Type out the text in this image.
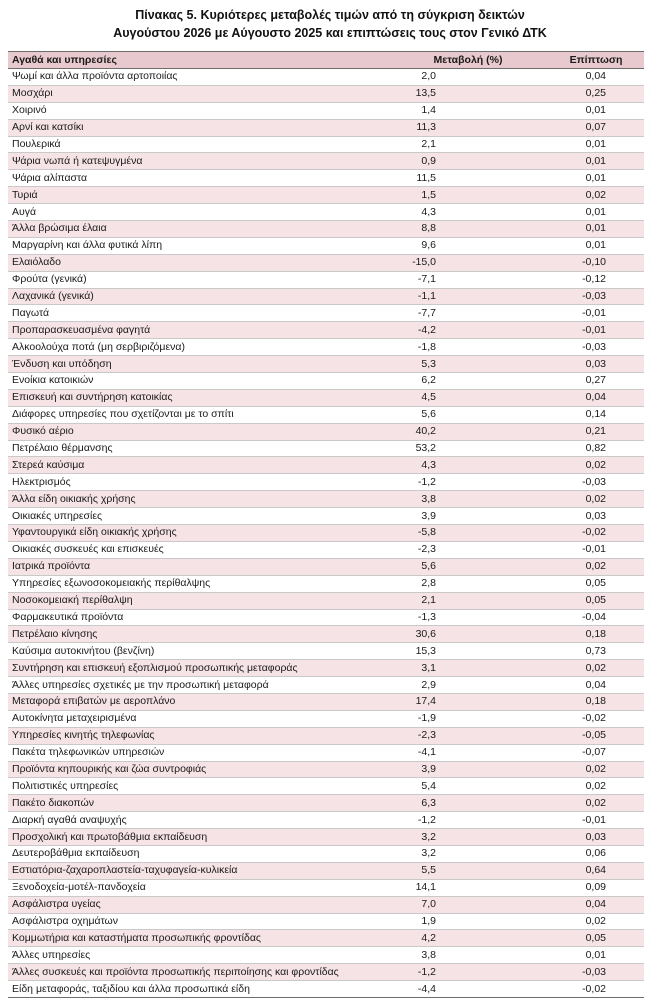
Πίνακας 5. Κυριότερες μεταβολές τιμών από τη σύγκριση δεικτών
Αυγούστου 2026 με Αύγουστο 2025 και επιπτώσεις τους στον Γενικό ΔΤΚ
Αγαθά και υπηρεσίες	Μεταβολή (%)	Επίπτωση
Ψωμί και άλλα προϊόντα αρτοποιίας	2,0	0,04
Μοσχάρι	13,5	0,25
Χοιρινό	1,4	0,01
Αρνί και κατσίκι	11,3	0,07
Πουλερικά	2,1	0,01
Ψάρια νωπά ή κατεψυγμένα	0,9	0,01
Ψάρια αλίπαστα	11,5	0,01
Τυριά	1,5	0,02
Αυγά	4,3	0,01
Άλλα βρώσιμα έλαια	8,8	0,01
Μαργαρίνη και άλλα φυτικά λίπη	9,6	0,01
Ελαιόλαδο	-15,0	-0,10
Φρούτα (γενικά)	-7,1	-0,12
Λαχανικά (γενικά)	-1,1	-0,03
Παγωτά	-7,7	-0,01
Προπαρασκευασμένα φαγητά	-4,2	-0,01
Αλκοολούχα ποτά (μη σερβιριζόμενα)	-1,8	-0,03
Ένδυση και υπόδηση	5,3	0,03
Ενοίκια κατοικιών	6,2	0,27
Επισκευή και συντήρηση κατοικίας	4,5	0,04
Διάφορες υπηρεσίες που σχετίζονται με το σπίτι	5,6	0,14
Φυσικό αέριο	40,2	0,21
Πετρέλαιο θέρμανσης	53,2	0,82
Στερεά καύσιμα	4,3	0,02
Ηλεκτρισμός	-1,2	-0,03
Άλλα είδη οικιακής χρήσης	3,8	0,02
Οικιακές υπηρεσίες	3,9	0,03
Υφαντουργικά είδη οικιακής χρήσης	-5,8	-0,02
Οικιακές συσκευές και επισκευές	-2,3	-0,01
Ιατρικά προϊόντα	5,6	0,02
Υπηρεσίες εξωνοσοκομειακής περίθαλψης	2,8	0,05
Νοσοκομειακή περίθαλψη	2,1	0,05
Φαρμακευτικά προϊόντα	-1,3	-0,04
Πετρέλαιο κίνησης	30,6	0,18
Καύσιμα αυτοκινήτου (βενζίνη)	15,3	0,73
Συντήρηση και επισκευή εξοπλισμού προσωπικής μεταφοράς	3,1	0,02
Άλλες υπηρεσίες σχετικές με την προσωπική μεταφορά	2,9	0,04
Μεταφορά επιβατών με αεροπλάνο	17,4	0,18
Αυτοκίνητα μεταχειρισμένα	-1,9	-0,02
Υπηρεσίες κινητής τηλεφωνίας	-2,3	-0,05
Πακέτα τηλεφωνικών υπηρεσιών	-4,1	-0,07
Προϊόντα κηπουρικής και ζώα συντροφιάς	3,9	0,02
Πολιτιστικές υπηρεσίες	5,4	0,02
Πακέτο διακοπών	6,3	0,02
Διαρκή αγαθά αναψυχής	-1,2	-0,01
Προσχολική και πρωτοβάθμια εκπαίδευση	3,2	0,03
Δευτεροβάθμια εκπαίδευση	3,2	0,06
Εστιατόρια-ζαχαροπλαστεία-ταχυφαγεία-κυλικεία	5,5	0,64
Ξενοδοχεία-μοτέλ-πανδοχεία	14,1	0,09
Ασφάλιστρα υγείας	7,0	0,04
Ασφάλιστρα οχημάτων	1,9	0,02
Κομμωτήρια και καταστήματα προσωπικής φροντίδας	4,2	0,05
Άλλες υπηρεσίες	3,8	0,01
Άλλες συσκευές και προϊόντα προσωπικής περιποίησης και φροντίδας	-1,2	-0,03
Είδη μεταφοράς, ταξιδίου και άλλα προσωπικά είδη	-4,4	-0,02
